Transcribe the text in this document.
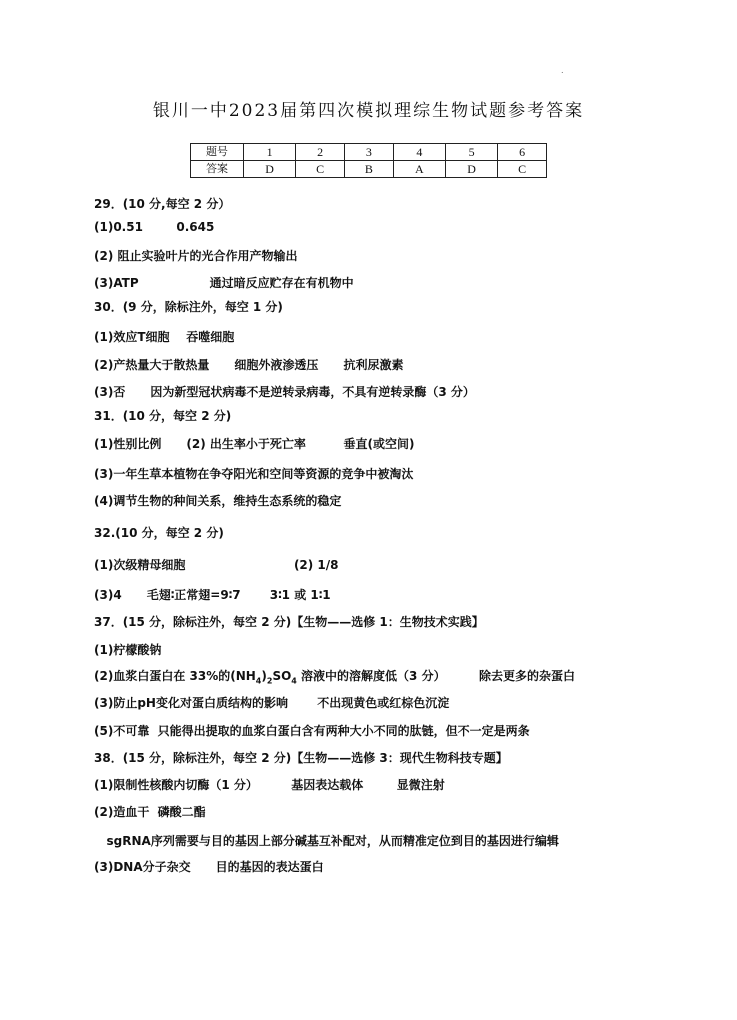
.
银川一中2023届第四次模拟理综生物试题参考答案
题号	1	2	3	4	5	6
答案	D	C	B	A	D	C
29．(10 分,每空 2 分）
(1)0.51        0.645
(2) 阻止实验叶片的光合作用产物输出
(3)ATP                 通过暗反应贮存在有机物中
30．(9 分，除标注外，每空 1 分)
(1)效应T细胞    吞噬细胞
(2)产热量大于散热量      细胞外液渗透压      抗利尿激素
(3)否      因为新型冠状病毒不是逆转录病毒，不具有逆转录酶（3 分）
31．(10 分，每空 2 分)
(1)性别比例      (2) 出生率小于死亡率         垂直(或空间)
(3)一年生草本植物在争夺阳光和空间等资源的竞争中被淘汰
(4)调节生物的种间关系，维持生态系统的稳定
32.(10 分，每空 2 分)
(1)次级精母细胞                          (2) 1/8
(3)4      毛翅∶正常翅=9∶7       3∶1 或 1∶1
37．(15 分，除标注外，每空 2 分)【生物——选修 1：生物技术实践】
(1)柠檬酸钠
(2)血浆白蛋白在 33%的$(NH_4)_2SO_4$ 溶液中的溶解度低（3 分）        除去更多的杂蛋白
(3)防止pH变化对蛋白质结构的影响       不出现黄色或红棕色沉淀
(5)不可靠  只能得出提取的血浆白蛋白含有两种大小不同的肽链，但不一定是两条
38．(15 分，除标注外，每空 2 分)【生物——选修 3：现代生物科技专题】
(1)限制性核酸内切酶（1 分）        基因表达载体        显微注射
(2)造血干  磷酸二酯
sgRNA序列需要与目的基因上部分碱基互补配对，从而精准定位到目的基因进行编辑
(3)DNA分子杂交      目的基因的表达蛋白
